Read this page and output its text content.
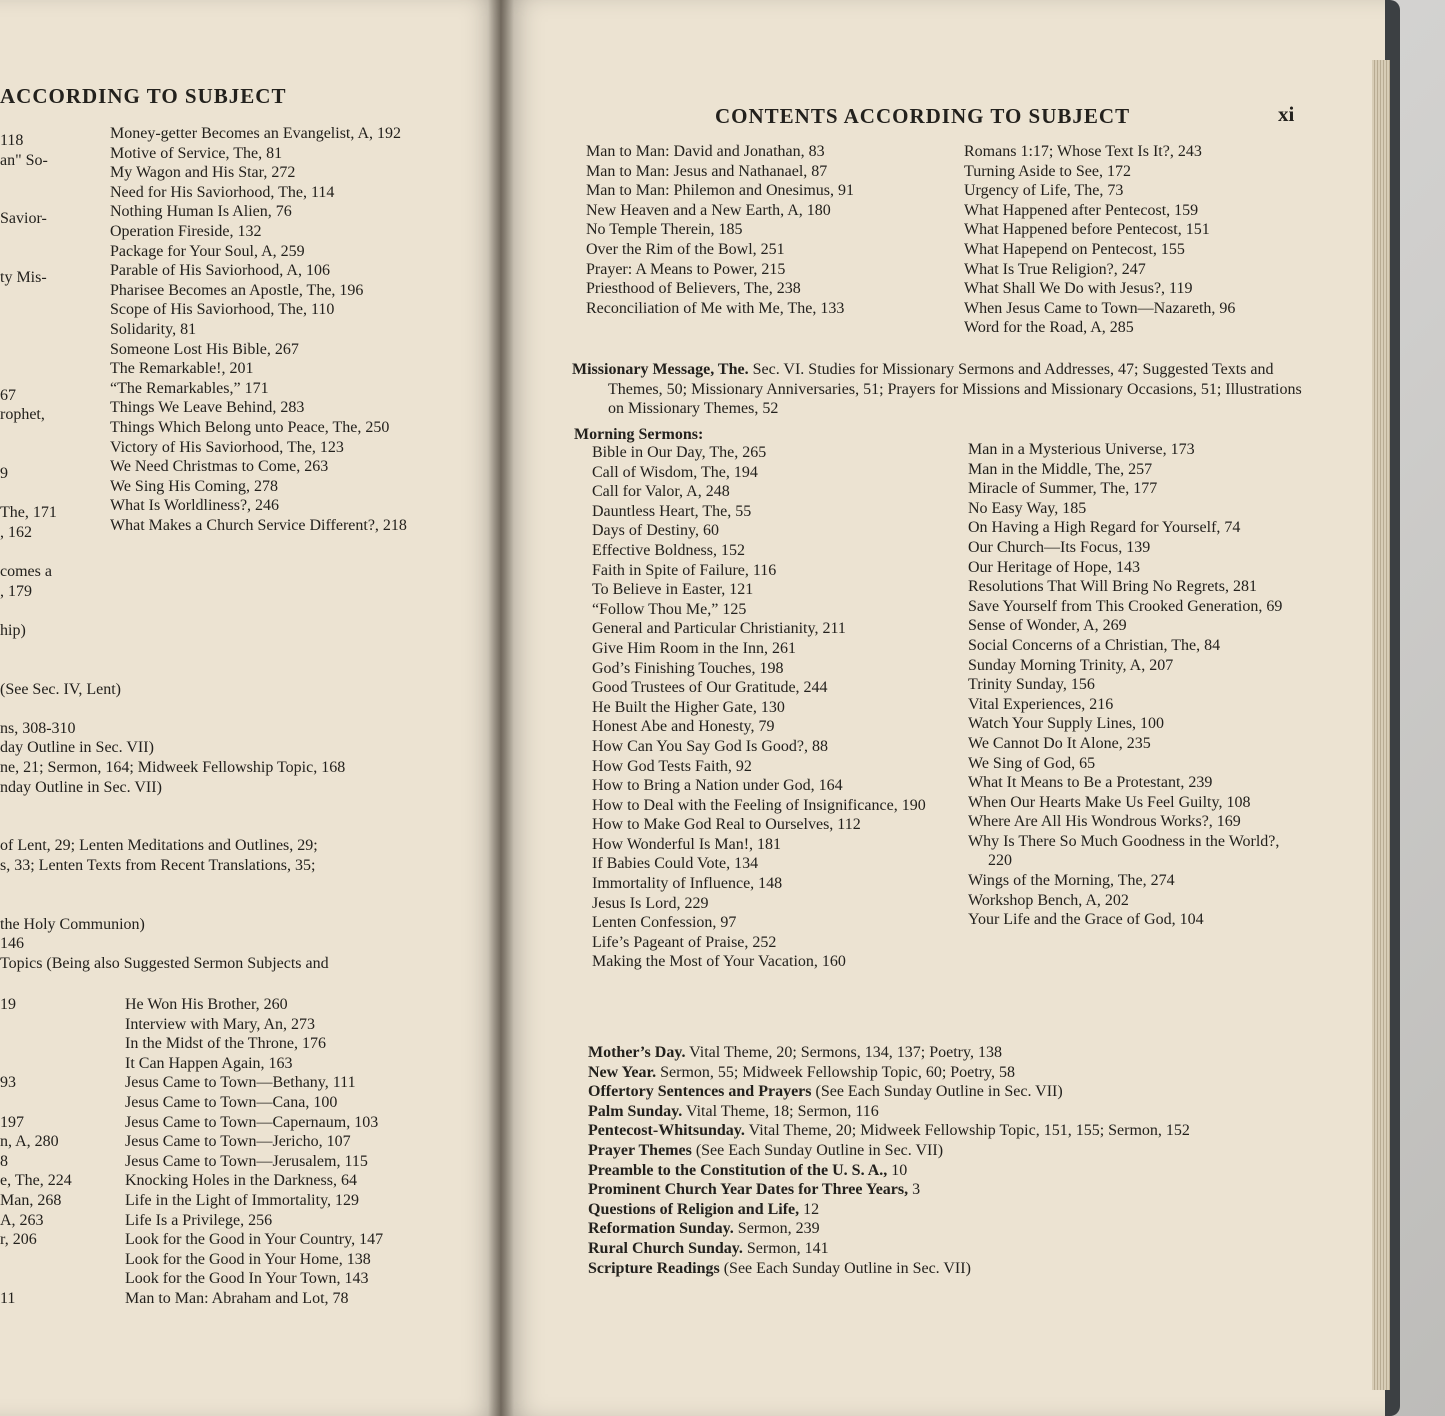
ACCORDING TO SUBJECT

118

an" So-

Savior-

ty Mis-

67

rophet,

9

The, 171

, 162

comes a

, 179

hip)

(See Sec. IV, Lent)

ns, 308-310

day Outline in Sec. VII)

ne, 21; Sermon, 164; Midweek Fellowship Topic, 168

nday Outline in Sec. VII)

of Lent, 29; Lenten Meditations and Outlines, 29;

s, 33; Lenten Texts from Recent Translations, 35;

the Holy Communion)

146

Topics (Being also Suggested Sermon Subjects and

19

93

197

n, A, 280

8

e, The, 224

Man, 268

A, 263

r, 206

11

Money-getter Becomes an Evangelist, A, 192

Motive of Service, The, 81

My Wagon and His Star, 272

Need for His Saviorhood, The, 114

Nothing Human Is Alien, 76

Operation Fireside, 132

Package for Your Soul, A, 259

Parable of His Saviorhood, A, 106

Pharisee Becomes an Apostle, The, 196

Scope of His Saviorhood, The, 110

Solidarity, 81

Someone Lost His Bible, 267

The Remarkable!, 201

“The Remarkables,” 171

Things We Leave Behind, 283

Things Which Belong unto Peace, The, 250

Victory of His Saviorhood, The, 123

We Need Christmas to Come, 263

We Sing His Coming, 278

What Is Worldliness?, 246

What Makes a Church Service Different?, 218

He Won His Brother, 260

Interview with Mary, An, 273

In the Midst of the Throne, 176

It Can Happen Again, 163

Jesus Came to Town—Bethany, 111

Jesus Came to Town—Cana, 100

Jesus Came to Town—Capernaum, 103

Jesus Came to Town—Jericho, 107

Jesus Came to Town—Jerusalem, 115

Knocking Holes in the Darkness, 64

Life in the Light of Immortality, 129

Life Is a Privilege, 256

Look for the Good in Your Country, 147

Look for the Good in Your Home, 138

Look for the Good In Your Town, 143

Man to Man: Abraham and Lot, 78

CONTENTS ACCORDING TO SUBJECT	xi

Man to Man: David and Jonathan, 83

Man to Man: Jesus and Nathanael, 87

Man to Man: Philemon and Onesimus, 91

New Heaven and a New Earth, A, 180

No Temple Therein, 185

Over the Rim of the Bowl, 251

Prayer: A Means to Power, 215

Priesthood of Believers, The, 238

Reconciliation of Me with Me, The, 133

Romans 1:17; Whose Text Is It?, 243

Turning Aside to See, 172

Urgency of Life, The, 73

What Happened after Pentecost, 159

What Happened before Pentecost, 151

What Hapepend on Pentecost, 155

What Is True Religion?, 247

What Shall We Do with Jesus?, 119

When Jesus Came to Town—Nazareth, 96

Word for the Road, A, 285

Missionary Message, The. Sec. VI. Studies for Missionary Sermons and Addresses, 47; Suggested Texts and Themes, 50; Missionary Anniversaries, 51; Prayers for Missions and Missionary Occasions, 51; Illustrations on Missionary Themes, 52

Morning Sermons:

Bible in Our Day, The, 265

Call of Wisdom, The, 194

Call for Valor, A, 248

Dauntless Heart, The, 55

Days of Destiny, 60

Effective Boldness, 152

Faith in Spite of Failure, 116

To Believe in Easter, 121

“Follow Thou Me,” 125

General and Particular Christianity, 211

Give Him Room in the Inn, 261

God’s Finishing Touches, 198

Good Trustees of Our Gratitude, 244

He Built the Higher Gate, 130

Honest Abe and Honesty, 79

How Can You Say God Is Good?, 88

How God Tests Faith, 92

How to Bring a Nation under God, 164

How to Deal with the Feeling of Insignificance, 190

How to Make God Real to Ourselves, 112

How Wonderful Is Man!, 181

If Babies Could Vote, 134

Immortality of Influence, 148

Jesus Is Lord, 229

Lenten Confession, 97

Life’s Pageant of Praise, 252

Making the Most of Your Vacation, 160

Man in a Mysterious Universe, 173

Man in the Middle, The, 257

Miracle of Summer, The, 177

No Easy Way, 185

On Having a High Regard for Yourself, 74

Our Church—Its Focus, 139

Our Heritage of Hope, 143

Resolutions That Will Bring No Regrets, 281

Save Yourself from This Crooked Generation, 69

Sense of Wonder, A, 269

Social Concerns of a Christian, The, 84

Sunday Morning Trinity, A, 207

Trinity Sunday, 156

Vital Experiences, 216

Watch Your Supply Lines, 100

We Cannot Do It Alone, 235

We Sing of God, 65

What It Means to Be a Protestant, 239

When Our Hearts Make Us Feel Guilty, 108

Where Are All His Wondrous Works?, 169

Why Is There So Much Goodness in the World?, 220

Wings of the Morning, The, 274

Workshop Bench, A, 202

Your Life and the Grace of God, 104

Mother’s Day. Vital Theme, 20; Sermons, 134, 137; Poetry, 138

New Year. Sermon, 55; Midweek Fellowship Topic, 60; Poetry, 58

Offertory Sentences and Prayers (See Each Sunday Outline in Sec. VII)

Palm Sunday. Vital Theme, 18; Sermon, 116

Pentecost-Whitsunday. Vital Theme, 20; Midweek Fellowship Topic, 151, 155; Sermon, 152

Prayer Themes (See Each Sunday Outline in Sec. VII)

Preamble to the Constitution of the U. S. A., 10

Prominent Church Year Dates for Three Years, 3

Questions of Religion and Life, 12

Reformation Sunday. Sermon, 239

Rural Church Sunday. Sermon, 141

Scripture Readings (See Each Sunday Outline in Sec. VII)
